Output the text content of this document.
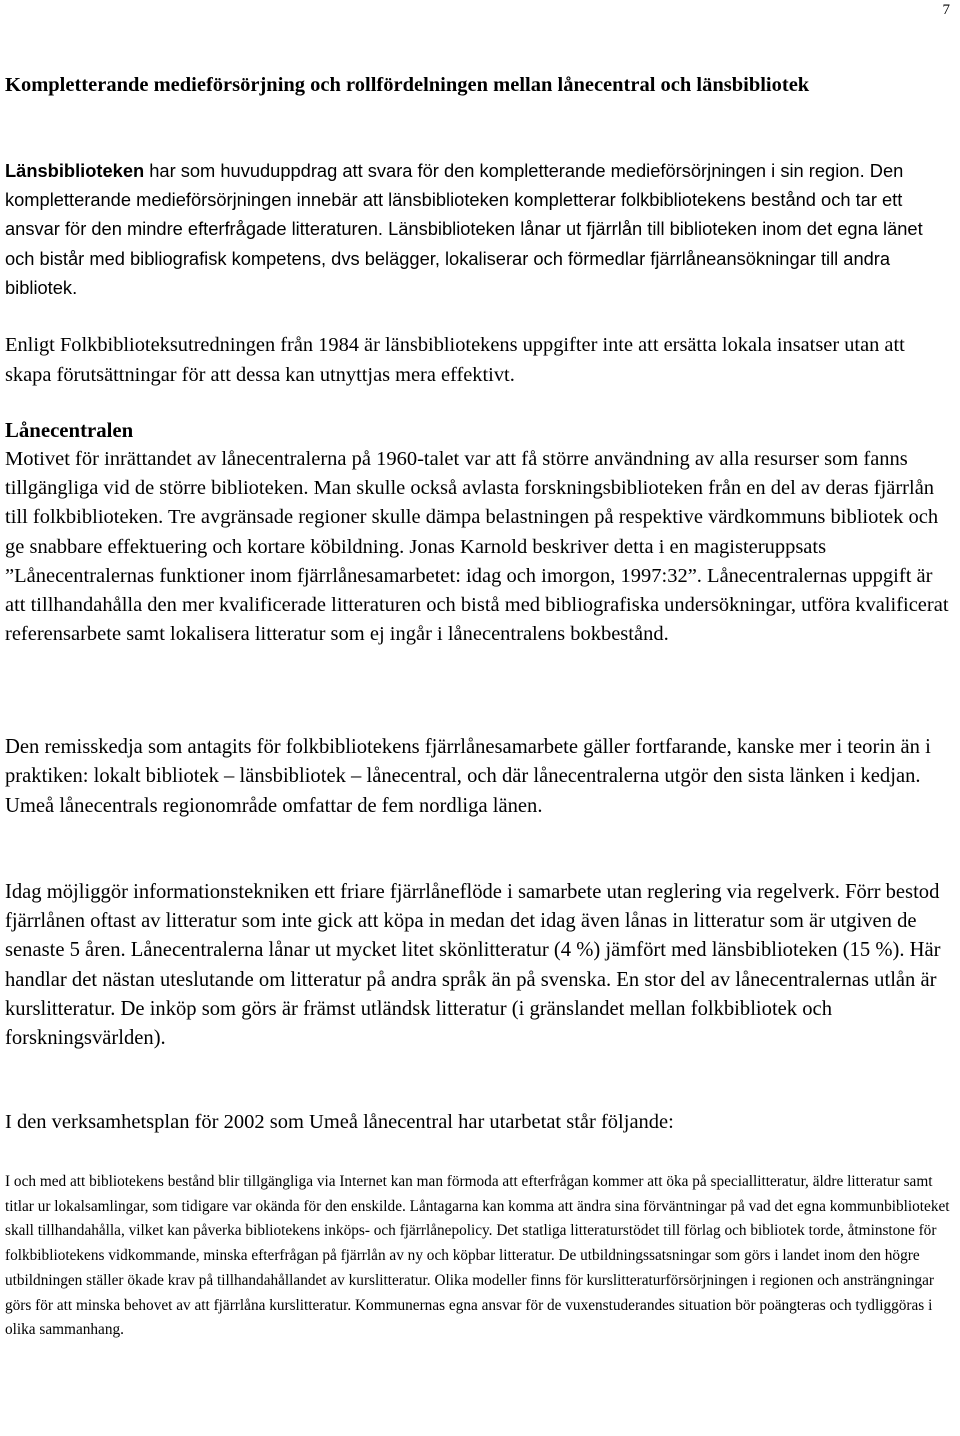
7
Kompletterande medieförsörjning och rollfördelningen mellan lånecentral och länsbibliotek

Länsbiblioteken har som huvuduppdrag att svara för den kompletterande medieförsörjningen i sin region. Den kompletterande medieförsörjningen innebär att länsbiblioteken kompletterar folkbibliotekens bestånd och tar ett ansvar för den mindre efterfrågade litteraturen. Länsbiblioteken lånar ut fjärrlån till biblioteken inom det egna länet och bistår med bibliografisk kompetens, dvs belägger, lokaliserar och förmedlar fjärrlåneansökningar till andra bibliotek.

Enligt Folkbiblioteksutredningen från 1984 är länsbibliotekens uppgifter inte att ersätta lokala insatser utan att skapa förutsättningar för att dessa kan utnyttjas mera effektivt.

Lånecentralen

Motivet för inrättandet av lånecentralerna på 1960-talet var att få större användning av alla resurser som fanns tillgängliga vid de större biblioteken. Man skulle också avlasta forskningsbiblioteken från en del av deras fjärrlån till folkbiblioteken. Tre avgränsade regioner skulle dämpa belastningen på respektive värdkommuns bibliotek och ge snabbare effektuering och kortare köbildning. Jonas Karnold beskriver detta i en magisteruppsats ”Lånecentralernas funktioner inom fjärrlånesamarbetet: idag och imorgon, 1997:32”. Lånecentralernas uppgift är att tillhandahålla den mer kvalificerade litteraturen och bistå med bibliografiska undersökningar, utföra kvalificerat referensarbete samt lokalisera litteratur som ej ingår i lånecentralens bokbestånd.

Den remisskedja som antagits för folkbibliotekens fjärrlånesamarbete gäller fortfarande, kanske mer i teorin än i praktiken: lokalt bibliotek – länsbibliotek – lånecentral, och där lånecentralerna utgör den sista länken i kedjan. Umeå lånecentrals regionområde omfattar de fem nordliga länen.

Idag möjliggör informationstekniken ett friare fjärrlåneflöde i samarbete utan reglering via regelverk. Förr bestod fjärrlånen oftast av litteratur som inte gick att köpa in medan det idag även lånas in litteratur som är utgiven de senaste 5 åren. Lånecentralerna lånar ut mycket litet skönlitteratur (4 %) jämfört med länsbiblioteken (15 %). Här handlar det nästan uteslutande om litteratur på andra språk än på svenska. En stor del av lånecentralernas utlån är kurslitteratur. De inköp som görs är främst utländsk litteratur (i gränslandet mellan folkbibliotek och forskningsvärlden).

I den verksamhetsplan för 2002 som Umeå lånecentral har utarbetat står följande:

I och med att bibliotekens bestånd blir tillgängliga via Internet kan man förmoda att efterfrågan kommer att öka på speciallitteratur, äldre litteratur samt titlar ur lokalsamlingar, som tidigare var okända för den enskilde. Låntagarna kan komma att ändra sina förväntningar på vad det egna kommunbiblioteket skall tillhandahålla, vilket kan påverka bibliotekens inköps- och fjärrlånepolicy. Det statliga litteraturstödet till förlag och bibliotek torde, åtminstone för folkbibliotekens vidkommande, minska efterfrågan på fjärrlån av ny och köpbar litteratur. De utbildningssatsningar som görs i landet inom den högre utbildningen ställer ökade krav på tillhandahållandet av kurslitteratur. Olika modeller finns för kurslitteraturförsörjningen i regionen och ansträngningar görs för att minska behovet av att fjärrlåna kurslitteratur. Kommunernas egna ansvar för de vuxenstuderandes situation bör poängteras och tydliggöras i olika sammanhang.
